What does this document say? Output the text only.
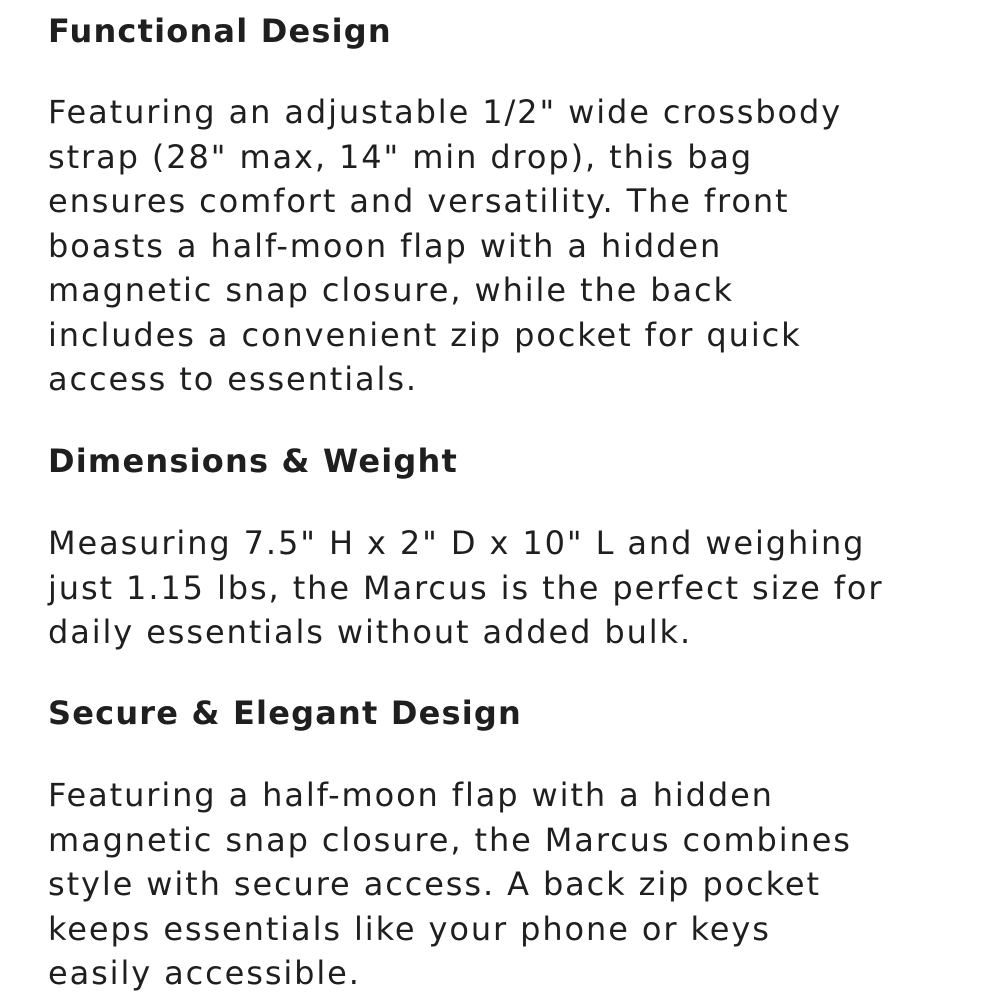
Functional Design

Featuring an adjustable 1/2" wide crossbody
strap (28" max, 14" min drop), this bag
ensures comfort and versatility. The front
boasts a half-moon flap with a hidden
magnetic snap closure, while the back
includes a convenient zip pocket for quick
access to essentials.

Dimensions & Weight

Measuring 7.5" H x 2" D x 10" L and weighing
just 1.15 lbs, the Marcus is the perfect size for
daily essentials without added bulk.

Secure & Elegant Design

Featuring a half-moon flap with a hidden
magnetic snap closure, the Marcus combines
style with secure access. A back zip pocket
keeps essentials like your phone or keys
easily accessible.
